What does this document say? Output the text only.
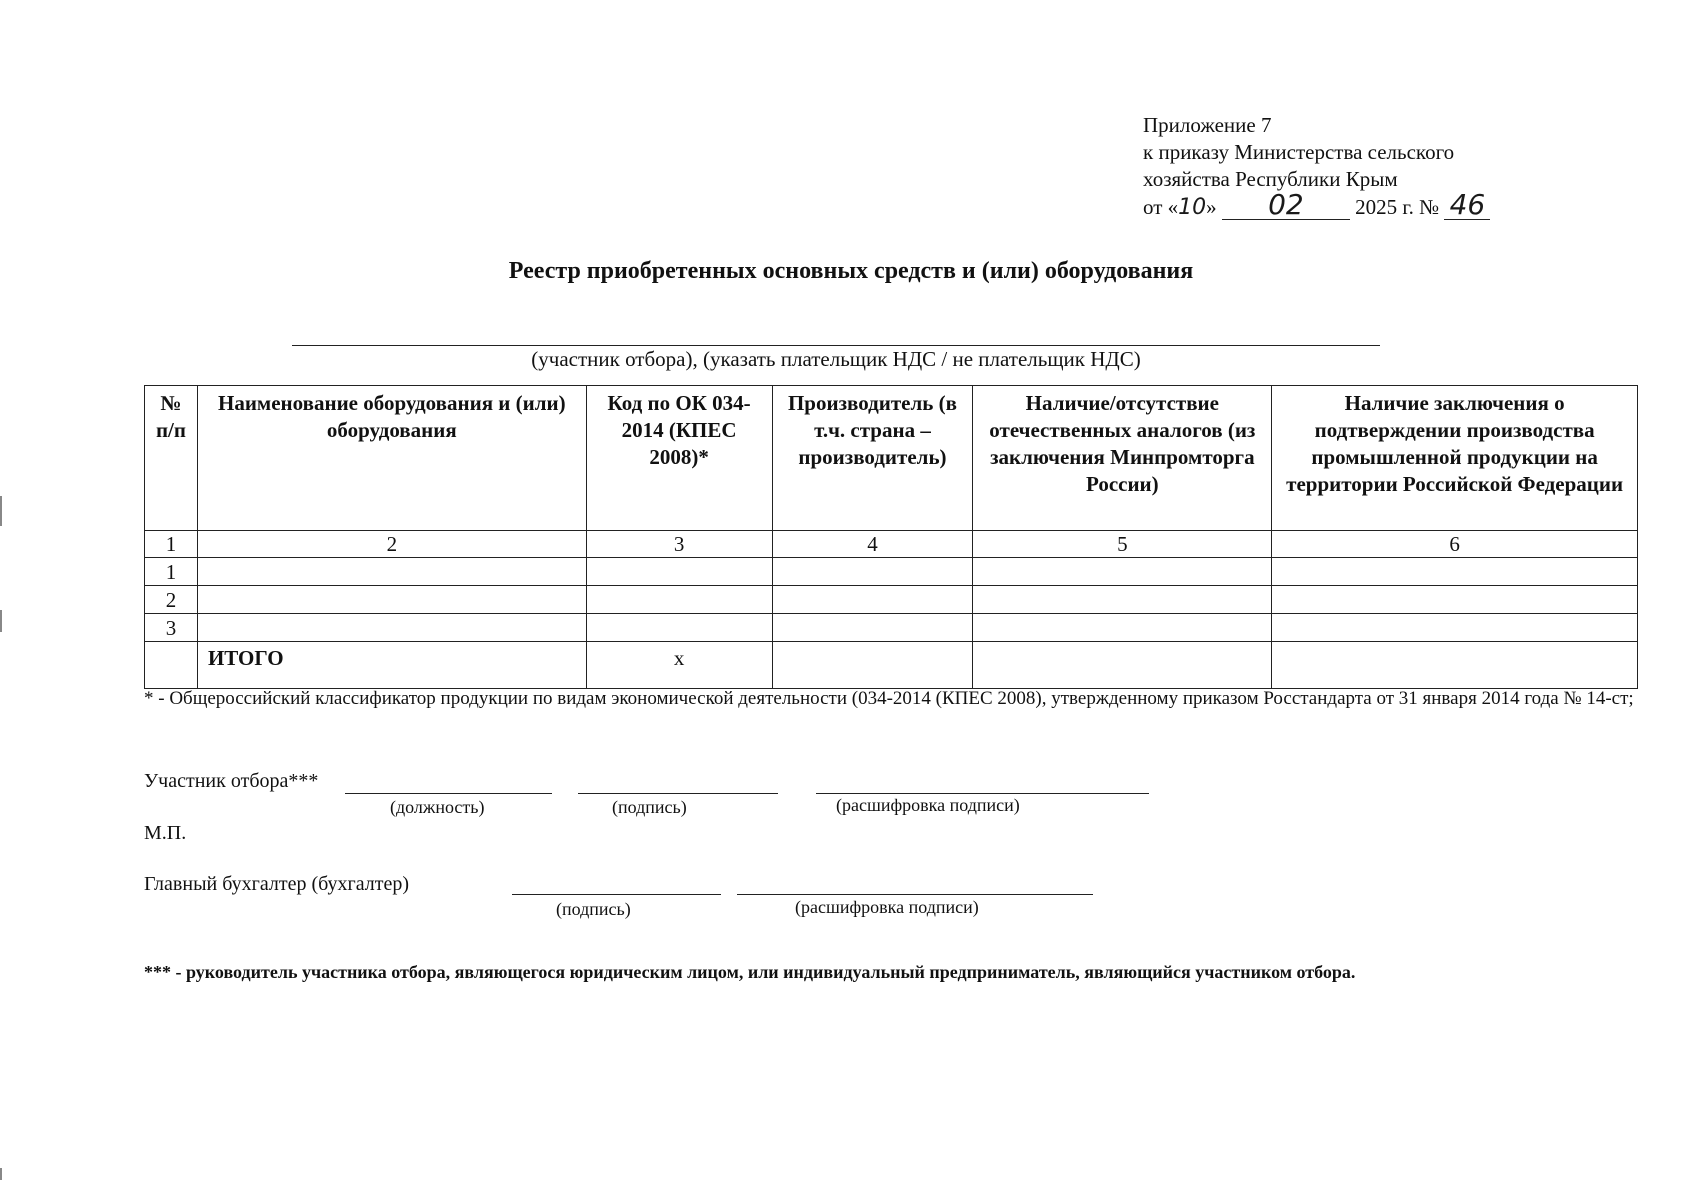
Приложение 7
к приказу Министерства сельского
хозяйства Республики Крым
от «10» 02 2025 г. № 46
Реестр приобретенных основных средств и (или) оборудования
(участник отбора), (указать плательщик НДС / не плательщик НДС)
№ п/п	Наименование оборудования и (или) оборудования	Код по ОК 034-2014 (КПЕС 2008)*	Производитель (в т.ч. страна – производитель)	Наличие/отсутствие отечественных аналогов (из заключения Минпромторга России)	Наличие заключения о подтверждении производства промышленной продукции на территории Российской Федерации
1	2	3	4	5	6
1					
2					
3					
	ИТОГО	x			
* - Общероссийский классификатор продукции по видам экономической деятельности (034-2014 (КПЕС 2008), утвержденному приказом Росстандарта от 31 января 2014 года № 14-ст;
Участник отбора***
(должность)	(подпись)	(расшифровка подписи)
М.П.
Главный бухгалтер (бухгалтер)
(подпись)	(расшифровка подписи)
*** - руководитель участника отбора, являющегося юридическим лицом, или индивидуальный предприниматель, являющийся участником отбора.
